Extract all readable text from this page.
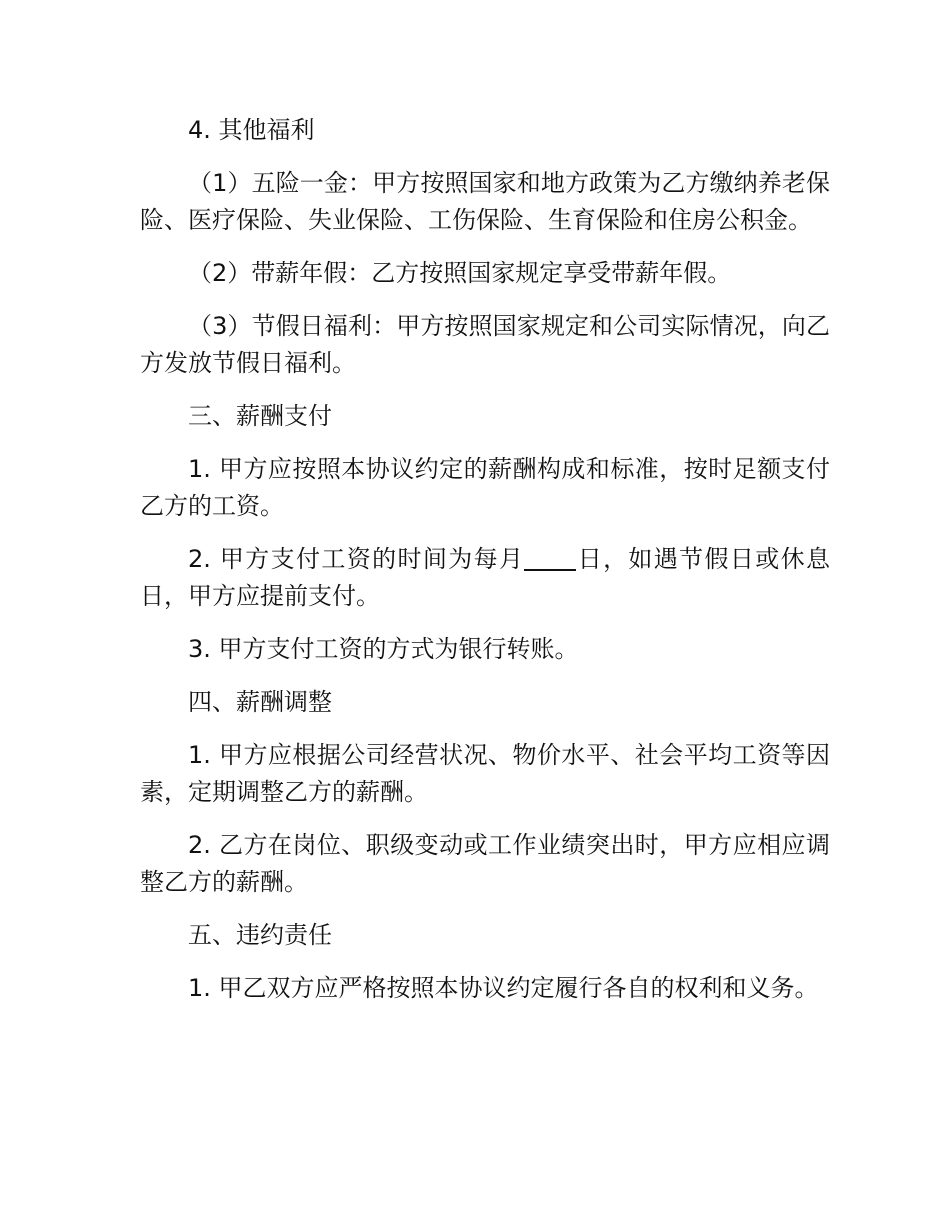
4. 其他福利

（1）五险一金：甲方按照国家和地方政策为乙方缴纳养老保险、医疗保险、失业保险、工伤保险、生育保险和住房公积金。

（2）带薪年假：乙方按照国家规定享受带薪年假。

（3）节假日福利：甲方按照国家规定和公司实际情况，向乙方发放节假日福利。

三、薪酬支付

1. 甲方应按照本协议约定的薪酬构成和标准，按时足额支付乙方的工资。

2. 甲方支付工资的时间为每月 日，如遇节假日或休息日，甲方应提前支付。

3. 甲方支付工资的方式为银行转账。

四、薪酬调整

1. 甲方应根据公司经营状况、物价水平、社会平均工资等因素，定期调整乙方的薪酬。

2. 乙方在岗位、职级变动或工作业绩突出时，甲方应相应调整乙方的薪酬。

五、违约责任

1. 甲乙双方应严格按照本协议约定履行各自的权利和义务。
